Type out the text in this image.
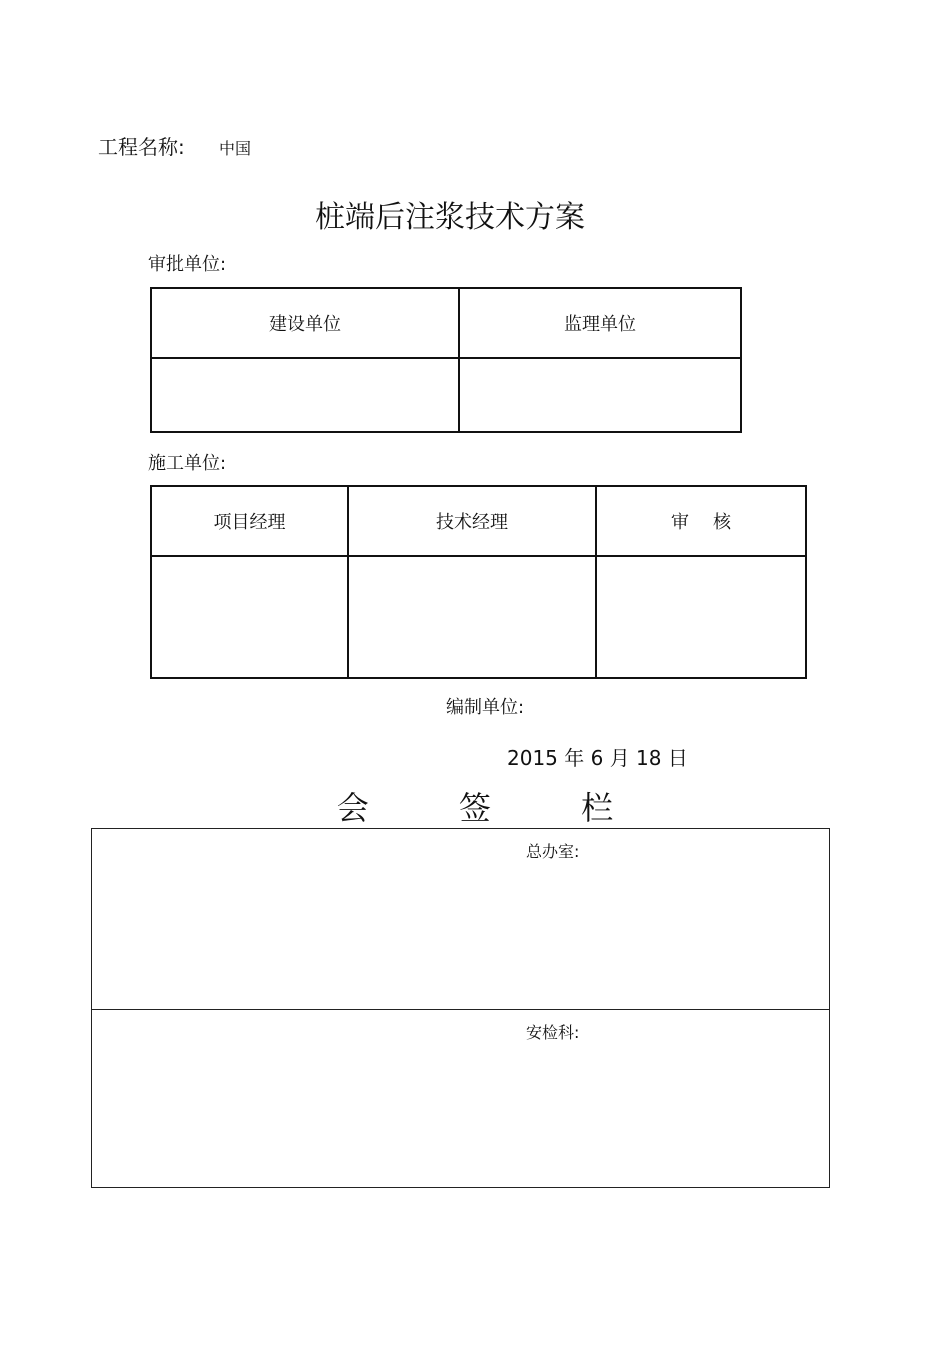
工程名称: 中国
桩端后注浆技术方案
审批单位:
建设单位	监理单位

施工单位:
项目经理	技术经理	审核

编制单位:
2015 年 6 月 18 日
会	签	栏
总办室:
安检科:
